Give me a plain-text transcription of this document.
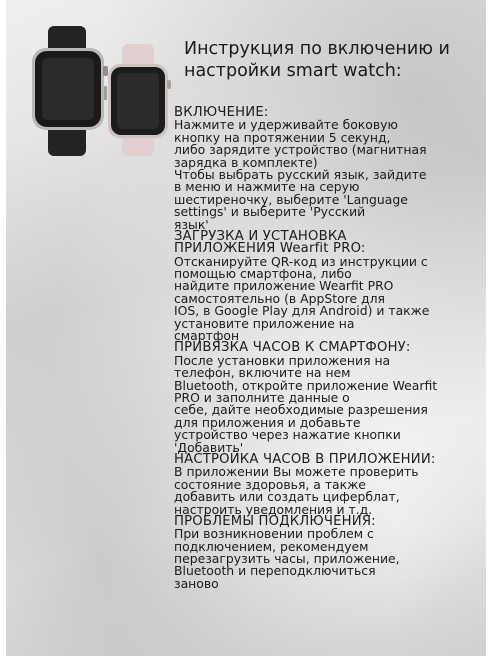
Инструкция по включению и
настройки smart watch:
ВКЛЮЧЕНИЕ:
Нажмите и удерживайте боковую
кнопку на протяжении 5 секунд,
либо зарядите устройство (магнитная
зарядка в комплекте)
Чтобы выбрать русский язык, зайдите
в меню и нажмите на серую
шестиреночку, выберите 'Language
settings' и выберите 'Русский
язык'
ЗАГРУЗКА И УСТАНОВКА
ПРИЛОЖЕНИЯ Wearfit PRO:
Отсканируйте QR-код из инструкции с
помощью смартфона, либо
найдите приложение Wearfit PRO
самостоятельно (в AppStore для
IOS, в Google Play для Android) и также
установите приложение на
смартфон
ПРИВЯЗКА ЧАСОВ К СМАРТФОНУ:
После установки приложения на
телефон, включите на нем
Bluetooth, откройте приложение Wearfit
PRO и заполните данные о
себе, дайте необходимые разрешения
для приложения и добавьте
устройство через нажатие кнопки
'Добавить'
НАСТРОЙКА ЧАСОВ В ПРИЛОЖЕНИИ:
В приложении Вы можете проверить
состояние здоровья, а также
добавить или создать циферблат,
настроить уведомления и т.д.
ПРОБЛЕМЫ ПОДКЛЮЧЕНИЯ:
При возникновении проблем с
подключением, рекомендуем
перезагрузить часы, приложение,
Bluetooth и переподключиться
заново
